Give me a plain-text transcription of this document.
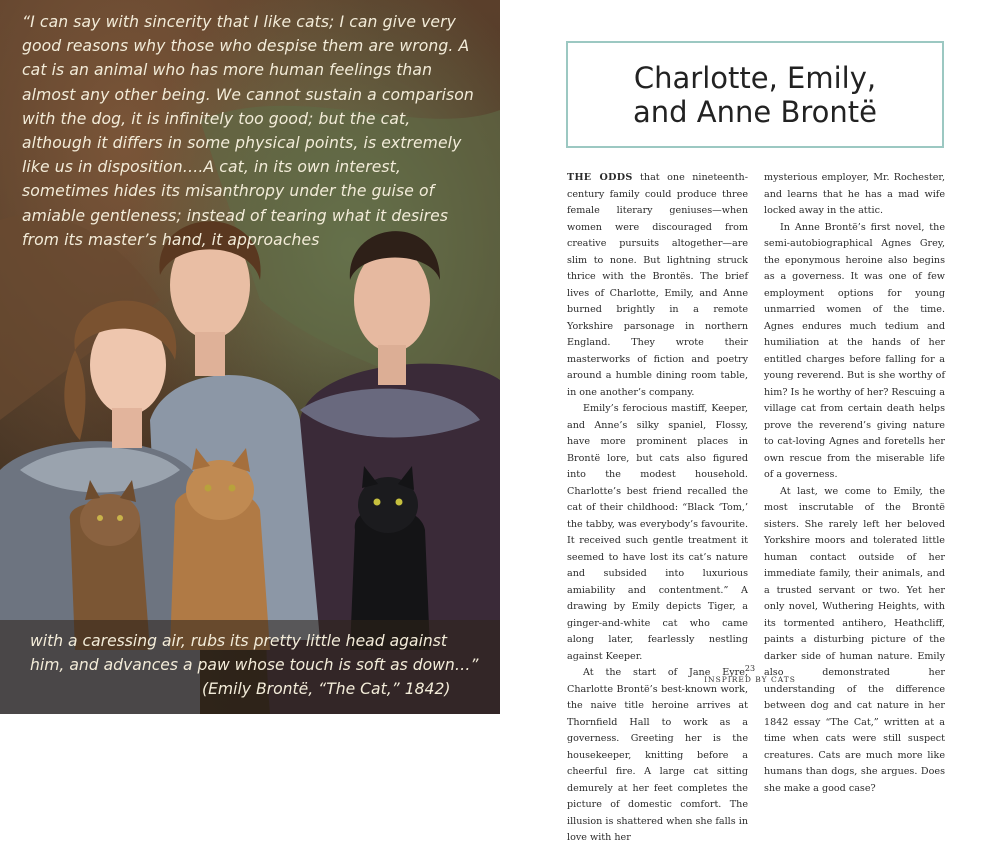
“I can say with sincerity that I like cats; I can give very good reasons why those who despise them are wrong. A cat is an animal who has more human feelings than almost any other being. We cannot sustain a comparison with the dog, it is infinitely too good; but the cat, although it differs in some physical points, is extremely like us in disposition….A cat, in its own interest, sometimes hides its misanthropy under the guise of amiable gentleness; instead of tearing what it desires from its master’s hand, it approaches
with a caressing air, rubs its pretty little head against
him, and advances a paw whose touch is soft as down…”
(Emily Brontë, “The Cat,” 1842)
Charlotte, Emily, and Anne Brontë

THE ODDS that one nineteenth-century family could produce three female literary geniuses—when women were discouraged from creative pursuits altogether—are slim to none. But lightning struck thrice with the Brontës. The brief lives of Charlotte, Emily, and Anne burned brightly in a remote Yorkshire parsonage in northern England. They wrote their masterworks of fiction and poetry around a humble dining room table, in one another’s company.

Emily’s ferocious mastiff, Keeper, and Anne’s silky spaniel, Flossy, have more prominent places in Brontë lore, but cats also figured into the modest household. Charlotte’s best friend recalled the cat of their childhood: “Black ‘Tom,’ the tabby, was everybody’s favourite. It received such gentle treatment it seemed to have lost its cat’s nature and subsided into luxurious amiability and contentment.” A drawing by Emily depicts Tiger, a ginger-and-white cat who came along later, fearlessly nestling against Keeper.

At the start of Jane Eyre, Charlotte Brontë’s best-known work, the naive title heroine arrives at Thornfield Hall to work as a governess. Greeting her is the housekeeper, knitting before a cheerful fire. A large cat sitting demurely at her feet completes the picture of domestic comfort. The illusion is shattered when she falls in love with her

mysterious employer, Mr. Rochester, and learns that he has a mad wife locked away in the attic.

In Anne Brontë’s first novel, the semi-autobiographical Agnes Grey, the eponymous heroine also begins as a governess. It was one of few employment options for young unmarried women of the time. Agnes endures much tedium and humiliation at the hands of her entitled charges before falling for a young reverend. But is she worthy of him? Is he worthy of her? Rescuing a village cat from certain death helps prove the reverend’s giving nature to cat-loving Agnes and foretells her own rescue from the miserable life of a governess.

At last, we come to Emily, the most inscrutable of the Brontë sisters. She rarely left her beloved Yorkshire moors and tolerated little human contact outside of her immediate family, their animals, and a trusted servant or two. Yet her only novel, Wuthering Heights, with its tormented antihero, Heathcliff, paints a disturbing picture of the darker side of human nature. Emily also demonstrated her understanding of the difference between dog and cat nature in her 1842 essay “The Cat,” written at a time when cats were still suspect creatures. Cats are much more like humans than dogs, she argues. Does she make a good case?

23
INSPIRED BY CATS
